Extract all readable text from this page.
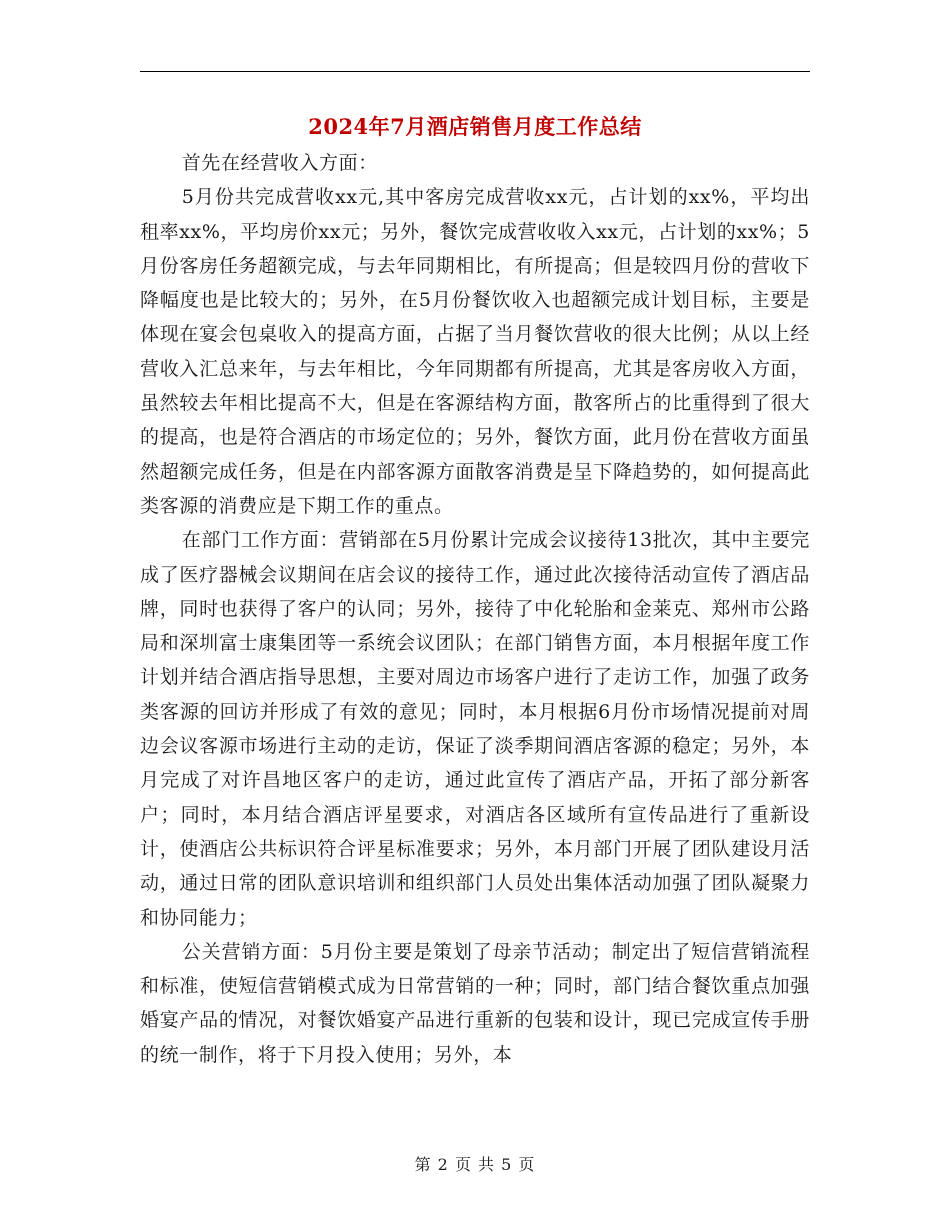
2024年7月酒店销售月度工作总结

首先在经营收入方面：

5月份共完成营收xx元,其中客房完成营收xx元，占计划的xx%，平均出租率xx%，平均房价xx元；另外，餐饮完成营收收入xx元，占计划的xx%；5月份客房任务超额完成，与去年同期相比，有所提高；但是较四月份的营收下降幅度也是比较大的；另外，在5月份餐饮收入也超额完成计划目标，主要是体现在宴会包桌收入的提高方面，占据了当月餐饮营收的很大比例；从以上经营收入汇总来年，与去年相比，今年同期都有所提高，尤其是客房收入方面，虽然较去年相比提高不大，但是在客源结构方面，散客所占的比重得到了很大的提高，也是符合酒店的市场定位的；另外，餐饮方面，此月份在营收方面虽然超额完成任务，但是在内部客源方面散客消费是呈下降趋势的，如何提高此类客源的消费应是下期工作的重点。

在部门工作方面：营销部在5月份累计完成会议接待13批次，其中主要完成了医疗器械会议期间在店会议的接待工作，通过此次接待活动宣传了酒店品牌，同时也获得了客户的认同；另外，接待了中化轮胎和金莱克、郑州市公路局和深圳富士康集团等一系统会议团队；在部门销售方面，本月根据年度工作计划并结合酒店指导思想，主要对周边市场客户进行了走访工作，加强了政务类客源的回访并形成了有效的意见；同时，本月根据6月份市场情况提前对周边会议客源市场进行主动的走访，保证了淡季期间酒店客源的稳定；另外，本月完成了对许昌地区客户的走访，通过此宣传了酒店产品，开拓了部分新客户；同时，本月结合酒店评星要求，对酒店各区域所有宣传品进行了重新设计，使酒店公共标识符合评星标准要求；另外，本月部门开展了团队建设月活动，通过日常的团队意识培训和组织部门人员处出集体活动加强了团队凝聚力和协同能力；

公关营销方面：5月份主要是策划了母亲节活动；制定出了短信营销流程和标准，使短信营销模式成为日常营销的一种；同时，部门结合餐饮重点加强婚宴产品的情况，对餐饮婚宴产品进行重新的包装和设计，现已完成宣传手册的统一制作，将于下月投入使用；另外，本

第 2 页 共 5 页
